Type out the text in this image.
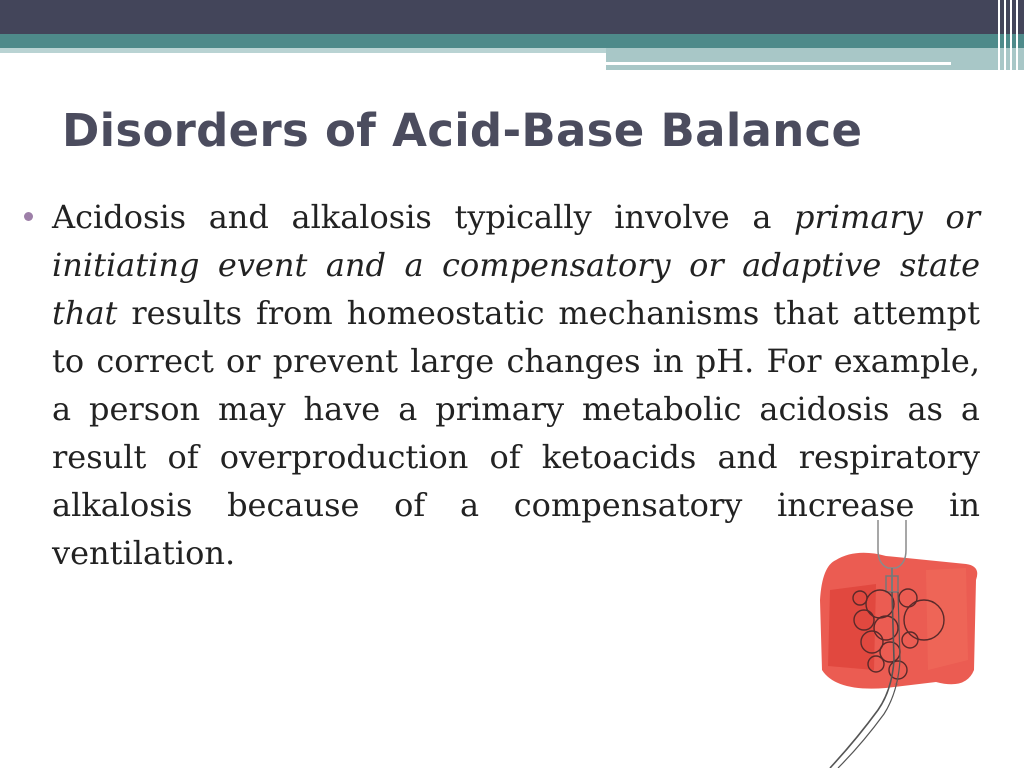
Disorders of Acid-Base Balance

Acidosis and alkalosis typically involve a primary or initiating event and a compensatory or adaptive state that results from homeostatic mechanisms that attempt to correct or prevent large changes in pH. For example, a person may have a primary metabolic acidosis as a result of overproduction of ketoacids and respiratory alkalosis because of a compensatory increase in ventilation.

~
